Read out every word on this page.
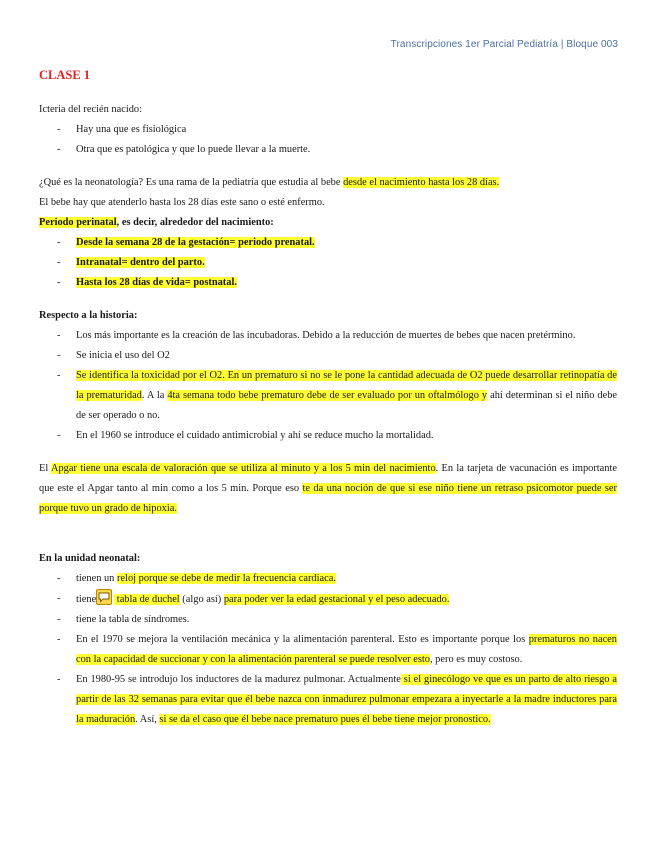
Transcripciones 1er Parcial Pediatría | Bloque 003
CLASE 1

Icteria del recién nacido:

- Hay una que es fisiológica
- Otra que es patológica y que lo puede llevar a la muerte.

¿Qué es la neonatología? Es una rama de la pediatría que estudia al bebe desde el nacimiento hasta los 28 días.

El bebe hay que atenderlo hasta los 28 días este sano o esté enfermo.

Periodo perinatal, es decir, alrededor del nacimiento:

- Desde la semana 28 de la gestación= periodo prenatal.
- Intranatal= dentro del parto.
- Hasta los 28 días de vida= postnatal.

Respecto a la historia:

- Los más importante es la creación de las incubadoras. Debido a la reducción de muertes de bebes que nacen pretérmino.
- Se inicia el uso del O2
- Se identifica la toxicidad por el O2. En un prematuro si no se le pone la cantidad adecuada de O2 puede desarrollar retinopatía de la prematuridad. A la 4ta semana todo bebe prematuro debe de ser evaluado por un oftalmólogo y ahí determinan si el niño debe de ser operado o no.
- En el 1960 se introduce el cuidado antimicrobial y ahí se reduce mucho la mortalidad.

El Apgar tiene una escala de valoración que se utiliza al minuto y a los 5 min del nacimiento. En la tarjeta de vacunación es importante que este el Apgar tanto al min como a los 5 min. Porque eso te da una noción de que si ese niño tiene un retraso psicomotor puede ser porque tuvo un grado de hipoxia.

En la unidad neonatal:

- tienen un reloj porque se debe de medir la frecuencia cardiaca.
- tiene
tabla de duchel (algo así) para poder ver la edad gestacional y el peso adecuado.
- tiene la tabla de síndromes.
- En el 1970 se mejora la ventilación mecánica y la alimentación parenteral. Esto es importante porque los prematuros no nacen con la capacidad de succionar y con la alimentación parenteral se puede resolver esto, pero es muy costoso.
- En 1980-95 se introdujo los inductores de la madurez pulmonar. Actualmente si el ginecólogo ve que es un parto de alto riesgo a partir de las 32 semanas para evitar que él bebe nazca con inmadurez pulmonar empezara a inyectarle a la madre inductores para la maduración. Así, si se da el caso que él bebe nace prematuro pues él bebe tiene mejor pronostico.
